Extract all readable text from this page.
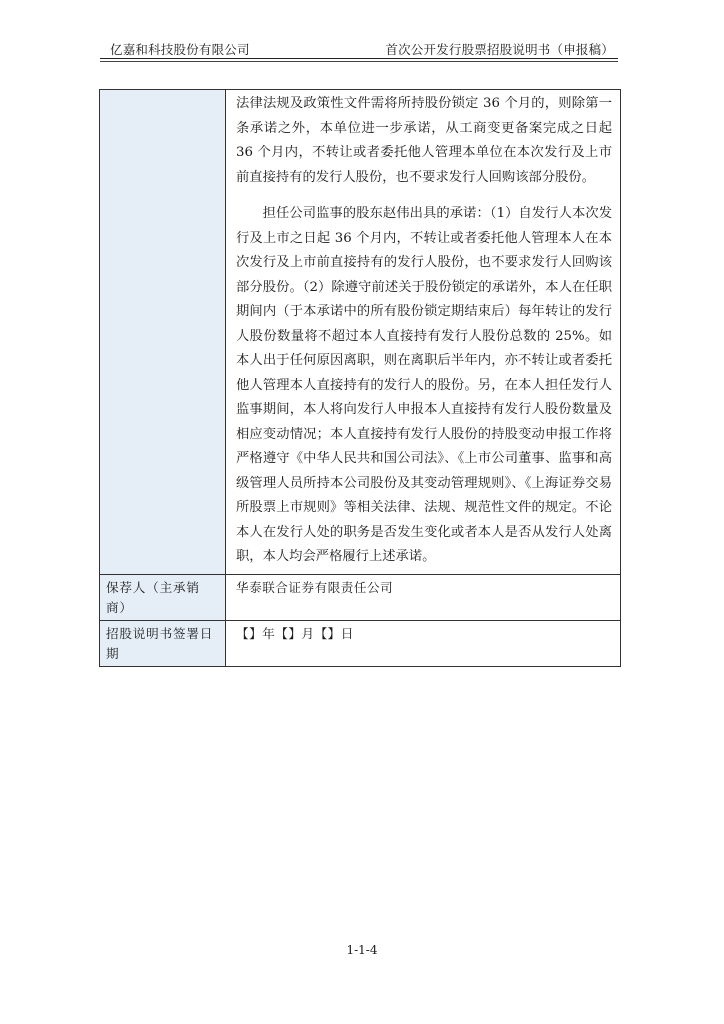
亿嘉和科技股份有限公司	首次公开发行股票招股说明书（申报稿）

	法律法规及政策性文件需将所持股份锁定 36 个月的，则除第一条承诺之外，本单位进一步承诺，从工商变更备案完成之日起 36 个月内，不转让或者委托他人管理本单位在本次发行及上市前直接持有的发行人股份，也不要求发行人回购该部分股份。

担任公司监事的股东赵伟出具的承诺：（1）自发行人本次发行及上市之日起 36 个月内，不转让或者委托他人管理本人在本次发行及上市前直接持有的发行人股份，也不要求发行人回购该部分股份。（2）除遵守前述关于股份锁定的承诺外，本人在任职期间内（于本承诺中的所有股份锁定期结束后）每年转让的发行人股份数量将不超过本人直接持有发行人股份总数的 25%。如本人出于任何原因离职，则在离职后半年内，亦不转让或者委托他人管理本人直接持有的发行人的股份。另，在本人担任发行人监事期间，本人将向发行人申报本人直接持有发行人股份数量及相应变动情况；本人直接持有发行人股份的持股变动申报工作将严格遵守《中华人民共和国公司法》、《上市公司董事、监事和高级管理人员所持本公司股份及其变动管理规则》、《上海证券交易所股票上市规则》等相关法律、法规、规范性文件的规定。不论本人在发行人处的职务是否发生变化或者本人是否从发行人处离职，本人均会严格履行上述承诺。

保荐人（主承销商）	华泰联合证券有限责任公司
招股说明书签署日期	【】年【】月【】日
1-1-4
